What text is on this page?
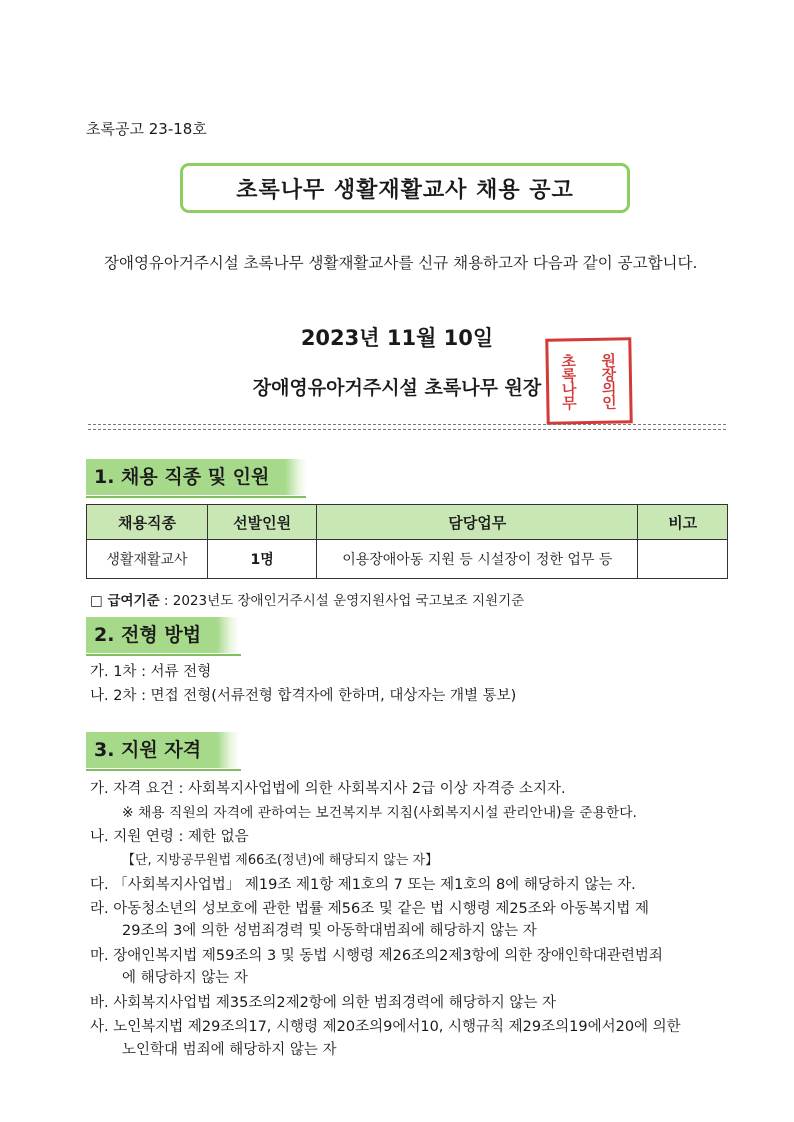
초록공고 23-18호
초록나무 생활재활교사 채용 공고
장애영유아거주시설 초록나무 생활재활교사를 신규 채용하고자 다음과 같이 공고합니다.
2023년 11월 10일
장애영유아거주시설 초록나무 원장	초록나무 원장의인
1. 채용 직종 및 인원
채용직종	선발인원	담당업무	비고
생활재활교사	1명	이용장애아동 지원 등 시설장이 정한 업무 등	
□ 급여기준 : 2023년도 장애인거주시설 운영지원사업 국고보조 지원기준
2. 전형 방법
가. 1차 : 서류 전형
나. 2차 : 면접 전형(서류전형 합격자에 한하며, 대상자는 개별 통보)
3. 지원 자격
가. 자격 요건 : 사회복지사업법에 의한 사회복지사 2급 이상 자격증 소지자.
※ 채용 직원의 자격에 관하여는 보건복지부 지침(사회복지시설 관리안내)을 준용한다.
나. 지원 연령 : 제한 없음
【단, 지방공무원법 제66조(정년)에 해당되지 않는 자】
다. 「사회복지사업법」 제19조 제1항 제1호의 7 또는 제1호의 8에 해당하지 않는 자.
라. 아동청소년의 성보호에 관한 법률 제56조 및 같은 법 시행령 제25조와 아동복지법 제
29조의 3에 의한 성범죄경력 및 아동학대범죄에 해당하지 않는 자
마. 장애인복지법 제59조의 3 및 동법 시행령 제26조의2제3항에 의한 장애인학대관련범죄
에 해당하지 않는 자
바. 사회복지사업법 제35조의2제2항에 의한 범죄경력에 해당하지 않는 자
사. 노인복지법 제29조의17, 시행령 제20조의9에서10, 시행규칙 제29조의19에서20에 의한
노인학대 범죄에 해당하지 않는 자
